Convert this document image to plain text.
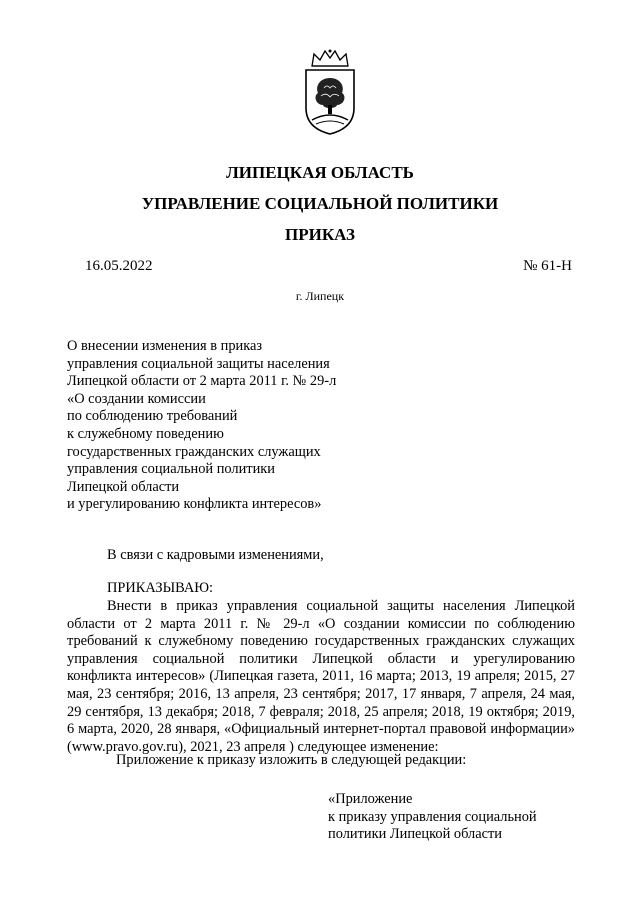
ЛИПЕЦКАЯ ОБЛАСТЬ
УПРАВЛЕНИЕ СОЦИАЛЬНОЙ ПОЛИТИКИ
ПРИКАЗ
16.05.2022	№ 61-Н
г. Липецк
О внесении изменения в приказ
управления социальной защиты населения
Липецкой области от 2 марта 2011 г. № 29-л
«О создании комиссии
по соблюдению требований
к служебному поведению
государственных гражданских служащих
управления социальной политики
Липецкой области
и урегулированию конфликта интересов»
В связи с кадровыми изменениями,
ПРИКАЗЫВАЮ:
Внести в приказ управления социальной защиты населения Липецкой области от 2 марта 2011 г. № 29-л «О создании комиссии по соблюдению требований к служебному поведению государственных гражданских служащих управления социальной политики Липецкой области и урегулированию конфликта интересов» (Липецкая газета, 2011, 16 марта; 2013, 19 апреля; 2015, 27 мая, 23 сентября; 2016, 13 апреля, 23 сентября; 2017, 17 января, 7 апреля, 24 мая, 29 сентября, 13 декабря; 2018, 7 февраля; 2018, 25 апреля; 2018, 19 октября; 2019, 6 марта, 2020, 28 января, «Официальный интернет-портал правовой информации» (www.pravo.gov.ru), 2021, 23 апреля ) следующее изменение:
Приложение к приказу изложить в следующей редакции:
«Приложение
к приказу управления социальной
политики Липецкой области
